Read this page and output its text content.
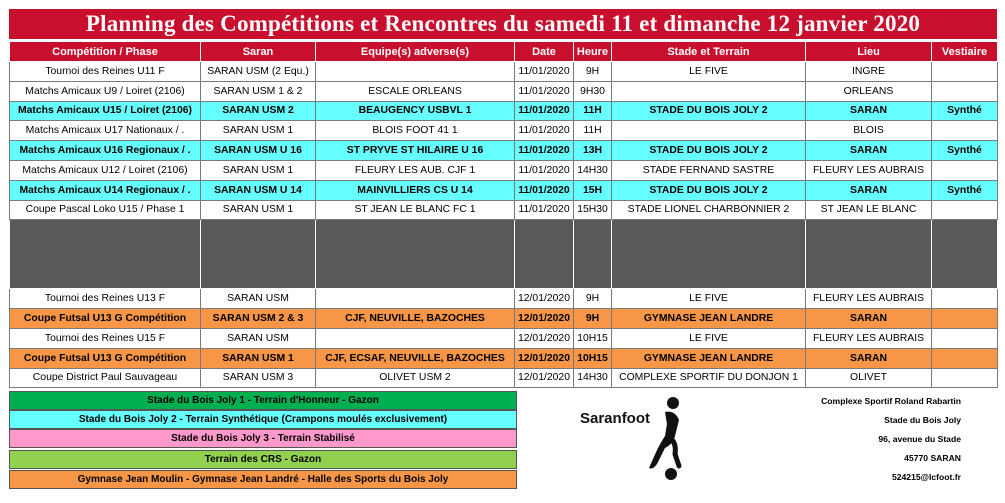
Planning des Compétitions et Rencontres du samedi 11 et dimanche 12 janvier 2020
Compétition / Phase	Saran	Equipe(s) adverse(s)	Date	Heure	Stade et Terrain	Lieu	Vestiaire
Tournoi des Reines U11 F	SARAN USM (2 Equ.)		11/01/2020	9H	LE FIVE	INGRE	
Matchs Amicaux U9 / Loiret (2106)	SARAN USM 1 & 2	ESCALE ORLEANS	11/01/2020	9H30		ORLEANS	
Matchs Amicaux U15 / Loiret (2106)	SARAN USM 2	BEAUGENCY USBVL 1	11/01/2020	11H	STADE DU BOIS JOLY 2	SARAN	Synthé
Matchs Amicaux U17 Nationaux / .	SARAN USM 1	BLOIS FOOT 41 1	11/01/2020	11H		BLOIS	
Matchs Amicaux U16 Regionaux / .	SARAN USM U 16	ST PRYVE ST HILAIRE U 16	11/01/2020	13H	STADE DU BOIS JOLY 2	SARAN	Synthé
Matchs Amicaux U12 / Loiret (2106)	SARAN USM 1	FLEURY LES AUB. CJF 1	11/01/2020	14H30	STADE FERNAND SASTRE	FLEURY LES AUBRAIS	
Matchs Amicaux U14 Regionaux / .	SARAN USM U 14	MAINVILLIERS CS U 14	11/01/2020	15H	STADE DU BOIS JOLY 2	SARAN	Synthé
Coupe Pascal Loko U15 / Phase 1	SARAN USM 1	ST JEAN LE BLANC FC 1	11/01/2020	15H30	STADE LIONEL CHARBONNIER 2	ST JEAN LE BLANC	

Tournoi des Reines U13 F	SARAN USM		12/01/2020	9H	LE FIVE	FLEURY LES AUBRAIS	
Coupe Futsal U13 G Compétition	SARAN USM 2 & 3	CJF, NEUVILLE, BAZOCHES	12/01/2020	9H	GYMNASE JEAN LANDRE	SARAN	
Tournoi des Reines U15 F	SARAN USM		12/01/2020	10H15	LE FIVE	FLEURY LES AUBRAIS	
Coupe Futsal U13 G Compétition	SARAN USM 1	CJF, ECSAF, NEUVILLE, BAZOCHES	12/01/2020	10H15	GYMNASE JEAN LANDRE	SARAN	
Coupe District Paul Sauvageau	SARAN USM 3	OLIVET USM 2	12/01/2020	14H30	COMPLEXE SPORTIF DU DONJON 1	OLIVET	
Stade du Bois Joly 1 - Terrain d'Honneur - Gazon
Stade du Bois Joly 2 - Terrain Synthétique (Crampons moulés exclusivement)
Stade du Bois Joly 3 - Terrain Stabilisé
Terrain des CRS - Gazon
Gymnase Jean Moulin - Gymnase Jean Landré - Halle des Sports du Bois Joly
Saranfoot
Complexe Sportif Roland Rabartin
Stade du Bois Joly
96, avenue du Stade
45770 SARAN
524215@lcfoot.fr
